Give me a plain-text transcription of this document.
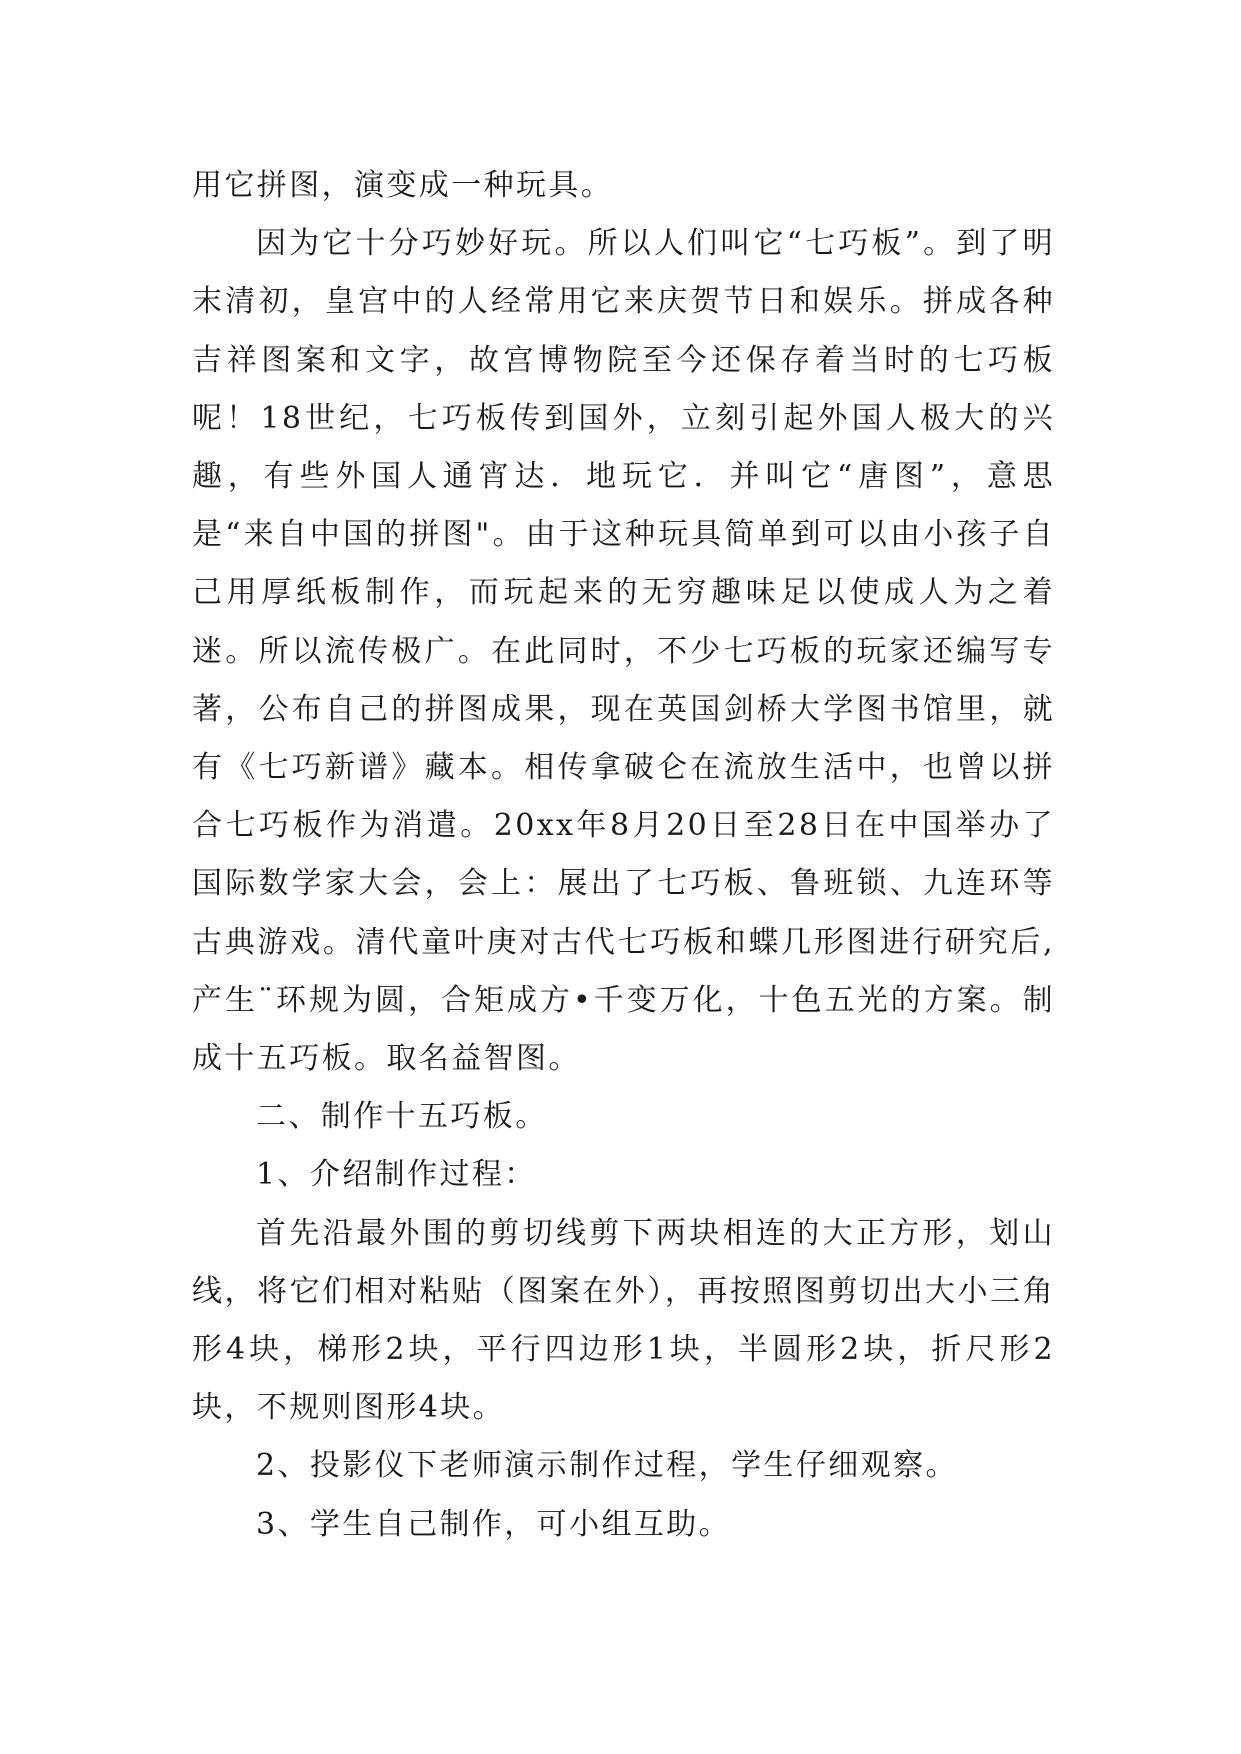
用它拼图，演变成一种玩具。

因为它十分巧妙好玩。所以人们叫它“七巧板”。到了明末清初，皇宫中的人经常用它来庆贺节日和娱乐。拼成各种吉祥图案和文字，故宫博物院至今还保存着当时的七巧板呢！18世纪，七巧板传到国外，立刻引起外国人极大的兴趣，有些外国人通宵达．地玩它．并叫它“唐图”，意思是“来自中国的拼图"。由于这种玩具简单到可以由小孩子自己用厚纸板制作，而玩起来的无穷趣味足以使成人为之着迷。所以流传极广。在此同时，不少七巧板的玩家还编写专著，公布自己的拼图成果，现在英国剑桥大学图书馆里，就有《七巧新谱》藏本。相传拿破仑在流放生活中，也曾以拼合七巧板作为消遣。20xx年8月20日至28日在中国举办了国际数学家大会，会上：展出了七巧板、鲁班锁、九连环等古典游戏。清代童叶庚对古代七巧板和蝶几形图进行研究后,产生¨环规为圆，合矩成方•千变万化，十色五光的方案。制成十五巧板。取名益智图。

二、制作十五巧板。

1、介绍制作过程：

首先沿最外围的剪切线剪下两块相连的大正方形，划山线，将它们相对粘贴（图案在外），再按照图剪切出大小三角形4块，梯形2块，平行四边形1块，半圆形2块，折尺形2块，不规则图形4块。

2、投影仪下老师演示制作过程，学生仔细观察。

3、学生自己制作，可小组互助。
